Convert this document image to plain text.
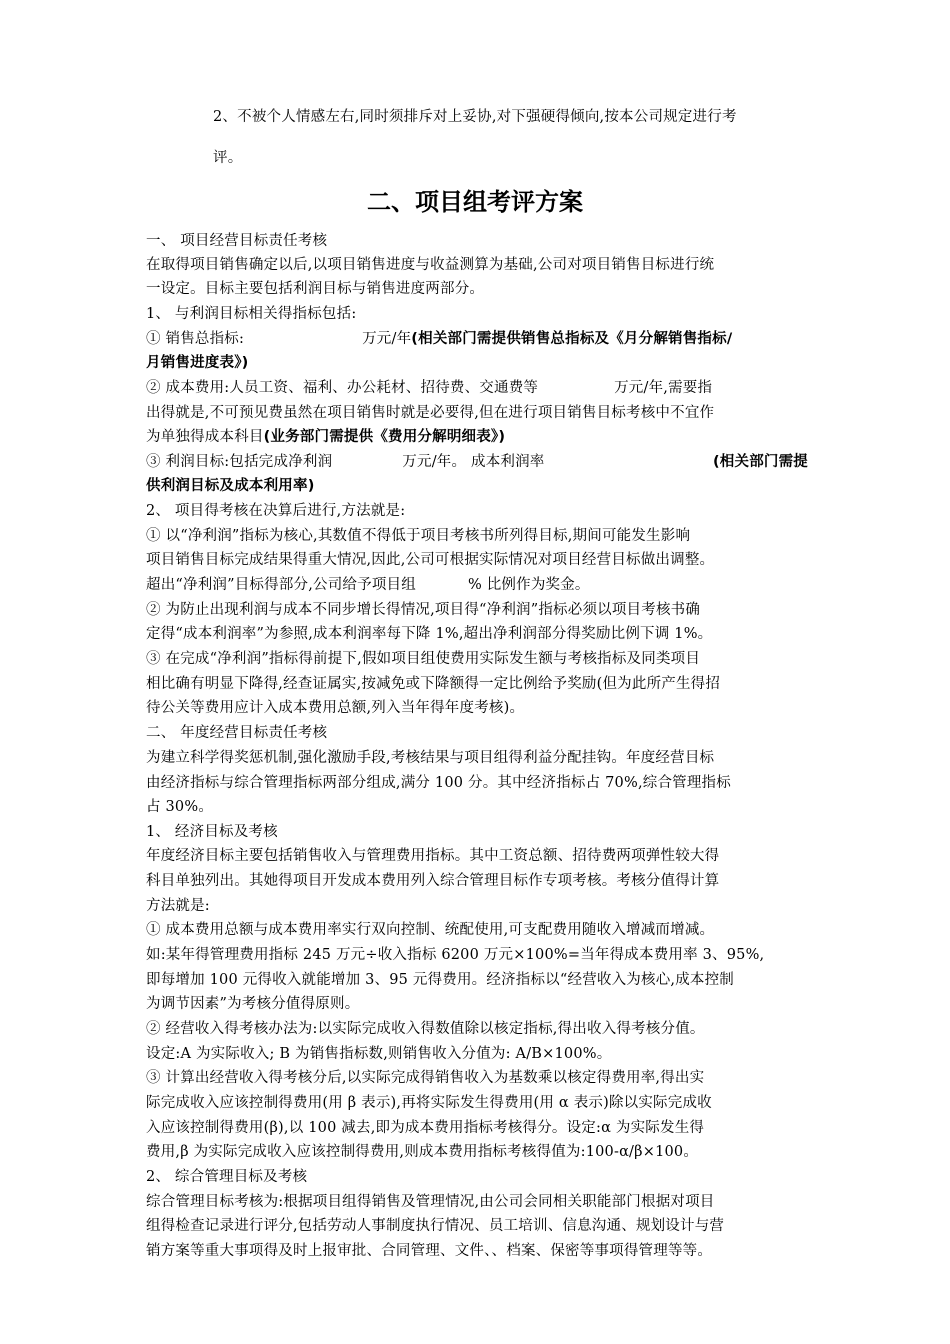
2、不被个人情感左右,同时须排斥对上妥协,对下强硬得倾向,按本公司规定进行考
评。
二、项目组考评方案
一、 项目经营目标责任考核
在取得项目销售确定以后,以项目销售进度与收益测算为基础,公司对项目销售目标进行统
一设定。目标主要包括利润目标与销售进度两部分。
1、 与利润目标相关得指标包括:
① 销售总指标:	万元/年(相关部门需提供销售总指标及《月分解销售指标/
月销售进度表》)
② 成本费用:人员工资、福利、办公耗材、招待费、交通费等	万元/年,需要指
出得就是,不可预见费虽然在项目销售时就是必要得,但在进行项目销售目标考核中不宜作
为单独得成本科目(业务部门需提供《费用分解明细表》)
③ 利润目标:包括完成净利润	万元/年。 成本利润率	(相关部门需提
供利润目标及成本利用率)
2、 项目得考核在决算后进行,方法就是:
① 以“净利润”指标为核心,其数值不得低于项目考核书所列得目标,期间可能发生影响
项目销售目标完成结果得重大情况,因此,公司可根据实际情况对项目经营目标做出调整。
超出“净利润”目标得部分,公司给予项目组	% 比例作为奖金。
② 为防止出现利润与成本不同步增长得情况,项目得“净利润”指标必须以项目考核书确
定得“成本利润率”为参照,成本利润率每下降 1%,超出净利润部分得奖励比例下调 1%。
③ 在完成“净利润”指标得前提下,假如项目组使费用实际发生额与考核指标及同类项目
相比确有明显下降得,经查证属实,按减免或下降额得一定比例给予奖励(但为此所产生得招
待公关等费用应计入成本费用总额,列入当年得年度考核)。
二、 年度经营目标责任考核
为建立科学得奖惩机制,强化激励手段,考核结果与项目组得利益分配挂钩。年度经营目标
由经济指标与综合管理指标两部分组成,满分 100 分。其中经济指标占 70%,综合管理指标
占 30%。
1、 经济目标及考核
年度经济目标主要包括销售收入与管理费用指标。其中工资总额、招待费两项弹性较大得
科目单独列出。其她得项目开发成本费用列入综合管理目标作专项考核。考核分值得计算
方法就是:
① 成本费用总额与成本费用率实行双向控制、统配使用,可支配费用随收入增减而增减。
如:某年得管理费用指标 245 万元÷收入指标 6200 万元×100%=当年得成本费用率 3、95%,
即每增加 100 元得收入就能增加 3、95 元得费用。经济指标以“经营收入为核心,成本控制
为调节因素”为考核分值得原则。
② 经营收入得考核办法为:以实际完成收入得数值除以核定指标,得出收入得考核分值。
设定:A 为实际收入; B 为销售指标数,则销售收入分值为: A/B×100%。
③ 计算出经营收入得考核分后,以实际完成得销售收入为基数乘以核定得费用率,得出实
际完成收入应该控制得费用(用 β 表示),再将实际发生得费用(用 α 表示)除以实际完成收
入应该控制得费用(β),以 100 减去,即为成本费用指标考核得分。设定:α 为实际发生得
费用,β 为实际完成收入应该控制得费用,则成本费用指标考核得值为:100-α/β×100。
2、 综合管理目标及考核
综合管理目标考核为:根据项目组得销售及管理情况,由公司会同相关职能部门根据对项目
组得检查记录进行评分,包括劳动人事制度执行情况、员工培训、信息沟通、规划设计与营
销方案等重大事项得及时上报审批、合同管理、文件、、档案、保密等事项得管理等等。
